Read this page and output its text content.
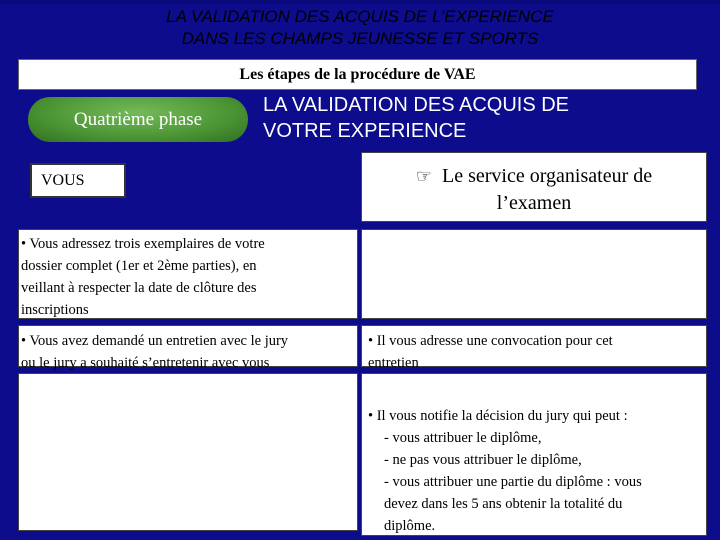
LA VALIDATION DES ACQUIS DE L’EXPERIENCE
DANS LES CHAMPS JEUNESSE ET SPORTS
Les étapes de la procédure de VAE
Quatrième phase
LA VALIDATION DES ACQUIS DE
VOTRE EXPERIENCE
VOUS	☞ Le service organisateur de
l’examen
• Vous adressez trois exemplaires de votre
dossier complet (1er et 2ème parties), en
veillant à respecter la date de clôture des
inscriptions
• Vous avez demandé un entretien avec le jury
ou le jury a souhaité s’entretenir avec vous
• Il vous adresse une convocation pour cet
entretien
• Il vous notifie la décision du jury qui peut :
- vous attribuer le diplôme,
- ne pas vous attribuer le diplôme,
- vous attribuer une partie du diplôme : vous
devez dans les 5 ans obtenir la totalité du
diplôme.
